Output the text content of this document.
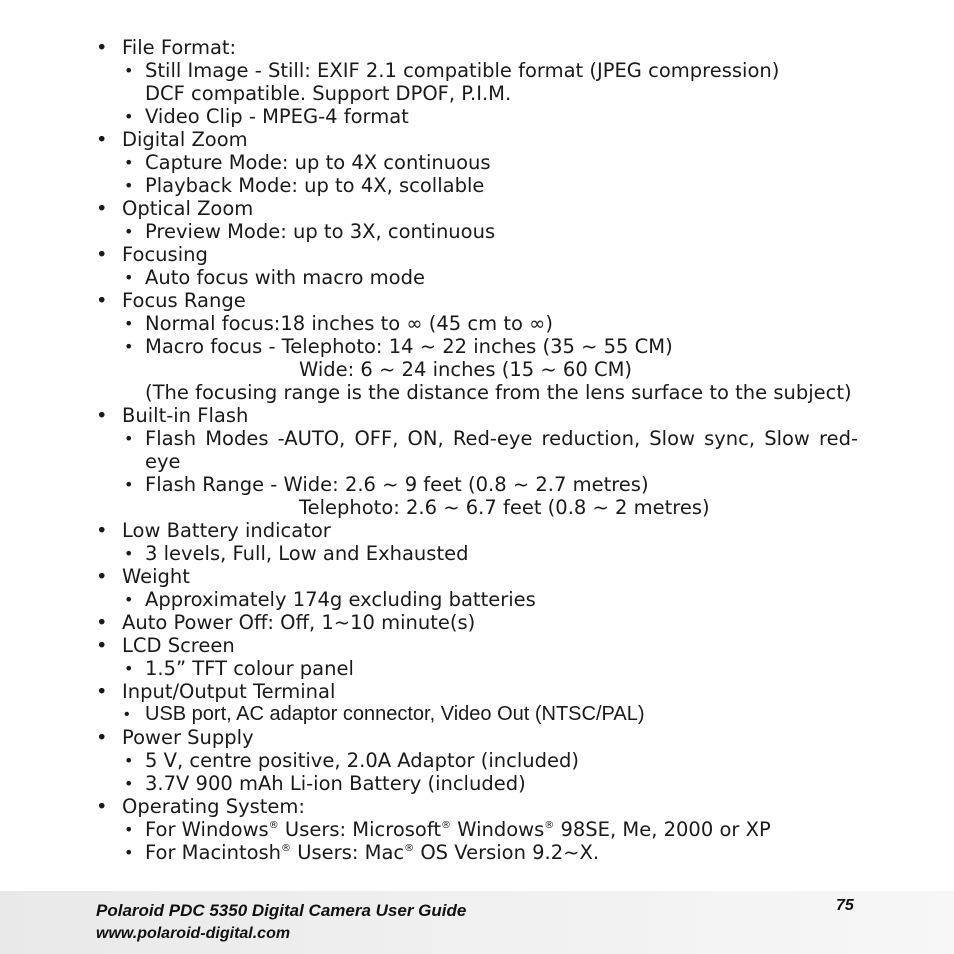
• File Format:
• Still Image - Still: EXIF 2.1 compatible format (JPEG compression)
DCF compatible. Support DPOF, P.I.M.
• Video Clip - MPEG-4 format
• Digital Zoom
• Capture Mode: up to 4X continuous
• Playback Mode: up to 4X, scollable
• Optical Zoom
• Preview Mode: up to 3X, continuous
• Focusing
• Auto focus with macro mode
• Focus Range
• Normal focus:18 inches to ∞ (45 cm to ∞)
• Macro focus - Telephoto: 14 ~ 22 inches (35 ~ 55 CM)
Wide: 6 ~ 24 inches (15 ~ 60 CM)
(The focusing range is the distance from the lens surface to the subject)
• Built-in Flash
• Flash Modes -AUTO, OFF, ON, Red-eye reduction, Slow sync, Slow red-eye
• Flash Range - Wide: 2.6 ~ 9 feet (0.8 ~ 2.7 metres)
Telephoto: 2.6 ~ 6.7 feet (0.8 ~ 2 metres)
• Low Battery indicator
• 3 levels, Full, Low and Exhausted
• Weight
• Approximately 174g excluding batteries
• Auto Power Off: Off, 1~10 minute(s)
• LCD Screen
• 1.5” TFT colour panel
• Input/Output Terminal
• USB port, AC adaptor connector, Video Out (NTSC/PAL)
• Power Supply
• 5 V, centre positive, 2.0A Adaptor (included)
• 3.7V 900 mAh Li-ion Battery (included)
• Operating System:
• For Windows® Users: Microsoft® Windows® 98SE, Me, 2000 or XP
• For Macintosh® Users: Mac® OS Version 9.2~X.
Polaroid PDC 5350 Digital Camera User Guide
www.polaroid-digital.com
75
